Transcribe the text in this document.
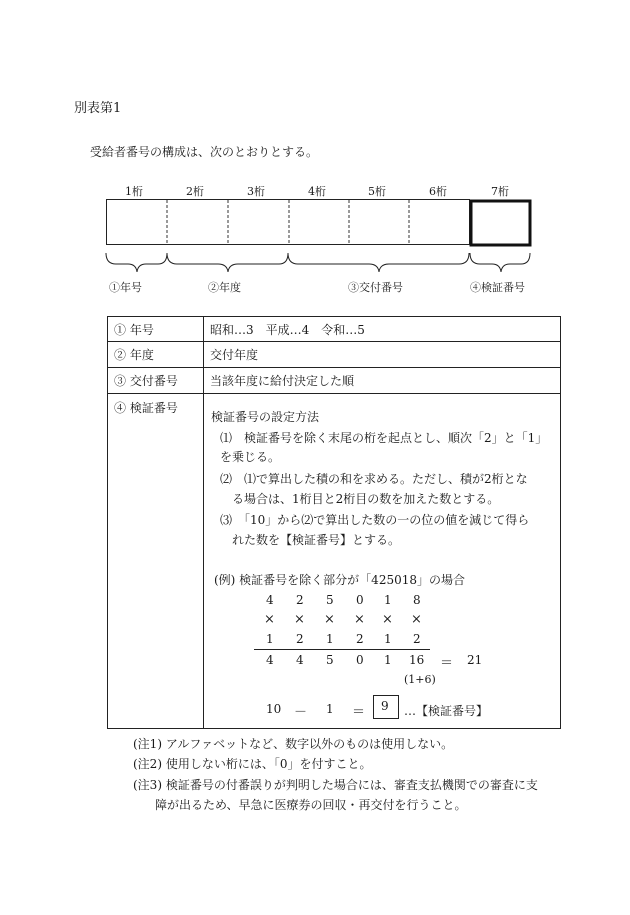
別表第1
受給者番号の構成は、次のとおりとする。
1桁	2桁	3桁	4桁	5桁	6桁	7桁
①年号	②年度	③交付番号	④検証番号
① 年号	昭和…3　平成…4　令和…5
② 年度	交付年度
③ 交付番号	当該年度に給付決定した順
④ 検証番号	
検証番号の設定方法
⑴　検証番号を除く末尾の桁を起点とし、順次「2」と「1」
を乗じる。
⑵　⑴で算出した積の和を求める。ただし、積が2桁とな
る場合は、1桁目と2桁目の数を加えた数とする。
⑶　「10」から⑵で算出した数の一の位の値を減じて得ら
れた数を【検証番号】とする。
(例) 検証番号を除く部分が「425018」の場合
4 2 5 0 1 8
× × × × × ×
1 2 1 2 1 2
4 4 5 0 1 16 ＝ 21
(1+6)
10 － 1 ＝ 9 …【検証番号】
(注1) アルファベットなど、数字以外のものは使用しない。
(注2) 使用しない桁には、「0」を付すこと。
(注3) 検証番号の付番誤りが判明した場合には、審査支払機関での審査に支
障が出るため、早急に医療券の回収・再交付を行うこと。
